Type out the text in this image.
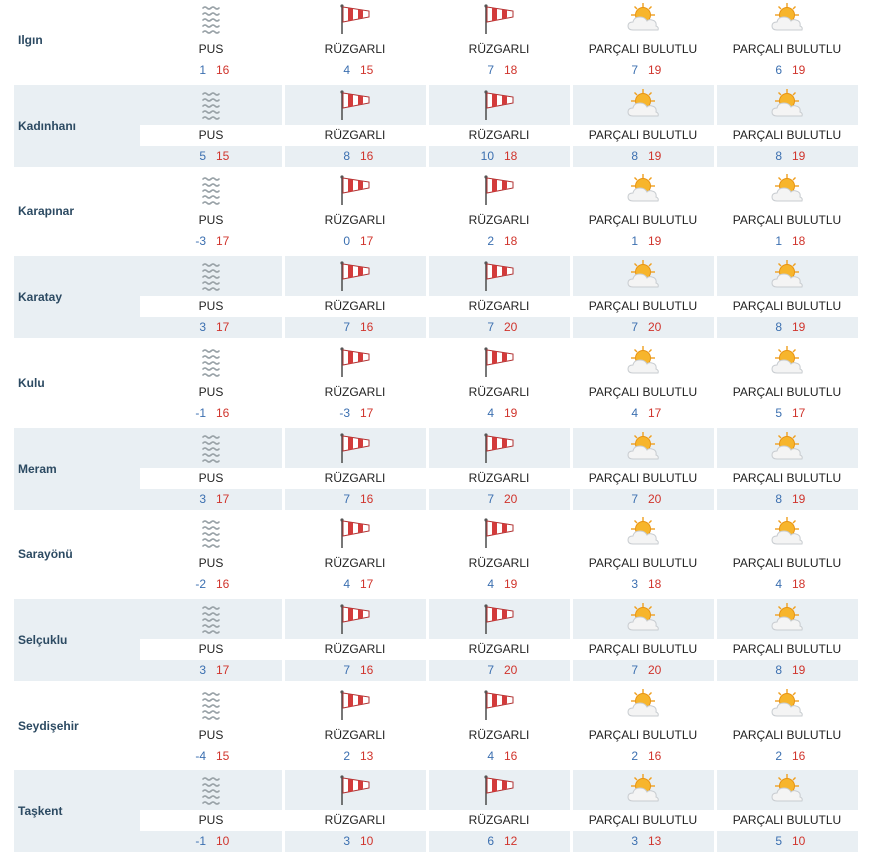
Ilgın
PUS
1 16
RÜZGARLI
4 15
RÜZGARLI
7 18
PARÇALI BULUTLU
7 19
PARÇALI BULUTLU
6 19
Kadınhanı
PUS
5 15
RÜZGARLI
8 16
RÜZGARLI
10 18
PARÇALI BULUTLU
8 19
PARÇALI BULUTLU
8 19
Karapınar
PUS
-3 17
RÜZGARLI
0 17
RÜZGARLI
2 18
PARÇALI BULUTLU
1 19
PARÇALI BULUTLU
1 18
Karatay
PUS
3 17
RÜZGARLI
7 16
RÜZGARLI
7 20
PARÇALI BULUTLU
7 20
PARÇALI BULUTLU
8 19
Kulu
PUS
-1 16
RÜZGARLI
-3 17
RÜZGARLI
4 19
PARÇALI BULUTLU
4 17
PARÇALI BULUTLU
5 17
Meram
PUS
3 17
RÜZGARLI
7 16
RÜZGARLI
7 20
PARÇALI BULUTLU
7 20
PARÇALI BULUTLU
8 19
Sarayönü
PUS
-2 16
RÜZGARLI
4 17
RÜZGARLI
4 19
PARÇALI BULUTLU
3 18
PARÇALI BULUTLU
4 18
Selçuklu
PUS
3 17
RÜZGARLI
7 16
RÜZGARLI
7 20
PARÇALI BULUTLU
7 20
PARÇALI BULUTLU
8 19
Seydişehir
PUS
-4 15
RÜZGARLI
2 13
RÜZGARLI
4 16
PARÇALI BULUTLU
2 16
PARÇALI BULUTLU
2 16
Taşkent
PUS
-1 10
RÜZGARLI
3 10
RÜZGARLI
6 12
PARÇALI BULUTLU
3 13
PARÇALI BULUTLU
5 10
